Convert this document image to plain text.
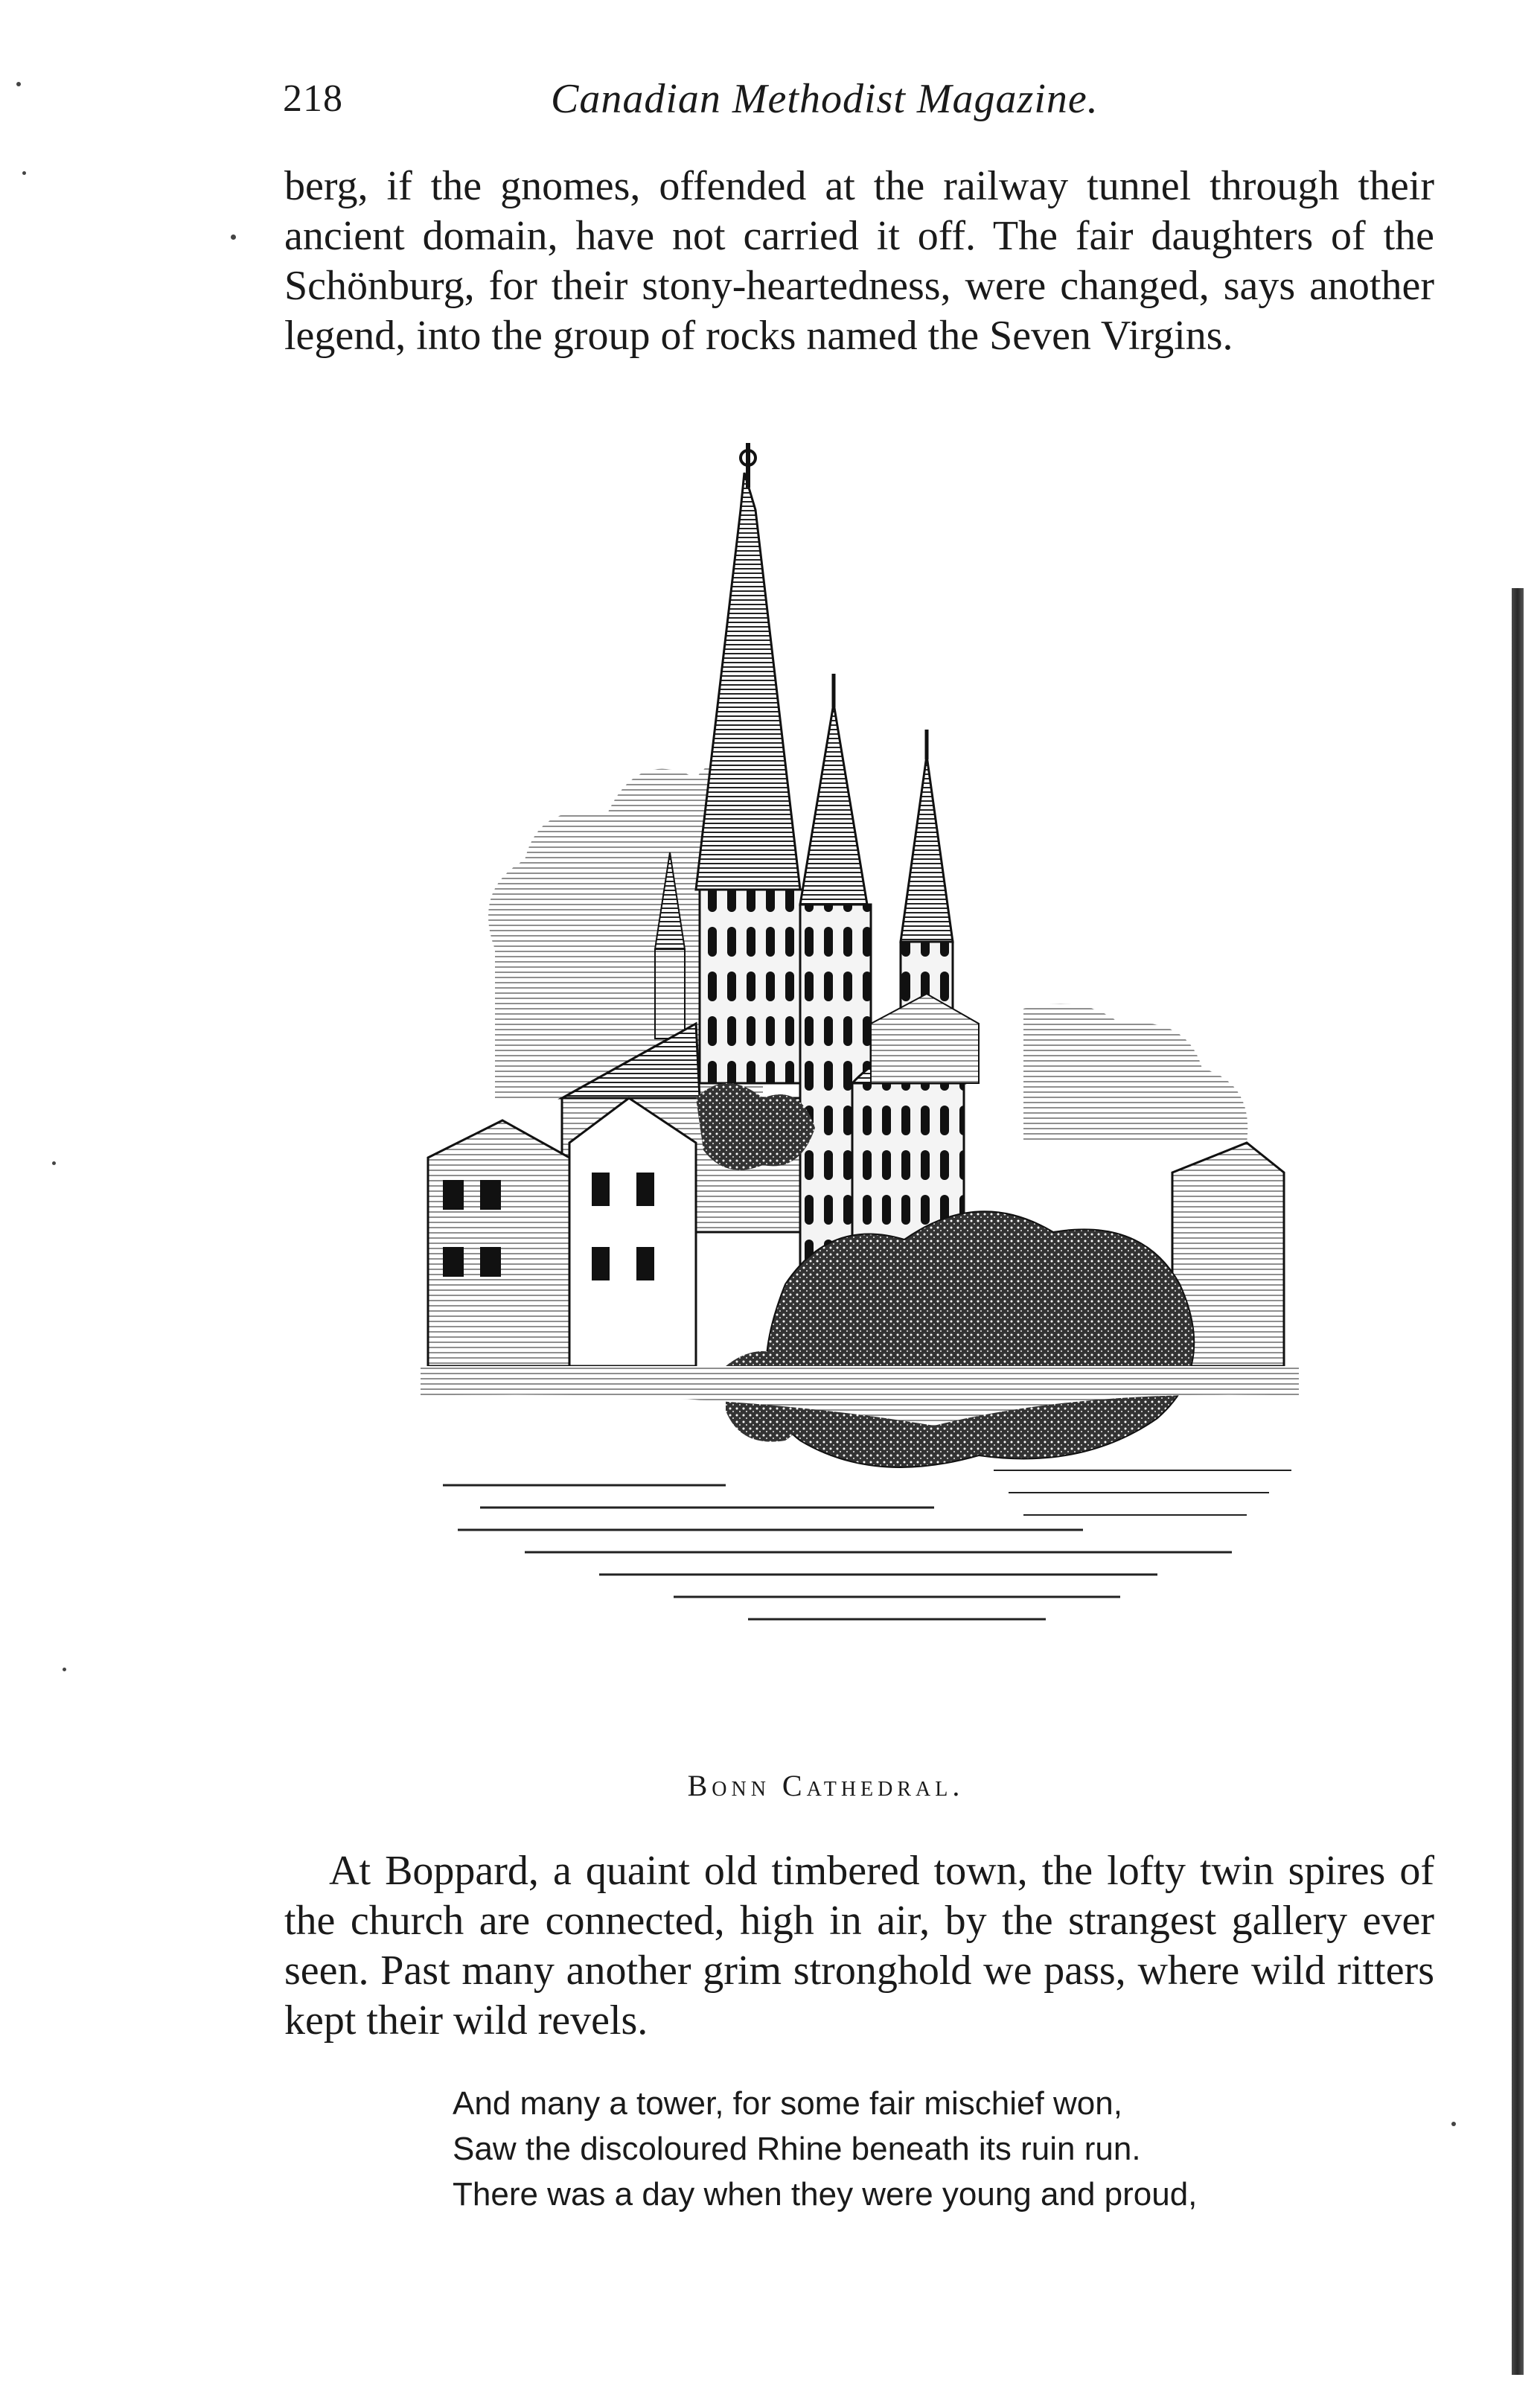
218	Canadian Methodist Magazine.

berg, if the gnomes, offended at the railway tunnel through their ancient domain, have not carried it off. The fair daughters of the Schönburg, for their stony-heartedness, were changed, says another legend, into the group of rocks named the Seven Virgins.

Bonn Cathedral.

At Boppard, a quaint old timbered town, the lofty twin spires of the church are connected, high in air, by the strangest gallery ever seen. Past many another grim stronghold we pass, where wild ritters kept their wild revels.

And many a tower, for some fair mischief won,
Saw the discoloured Rhine beneath its ruin run.
There was a day when they were young and proud,
